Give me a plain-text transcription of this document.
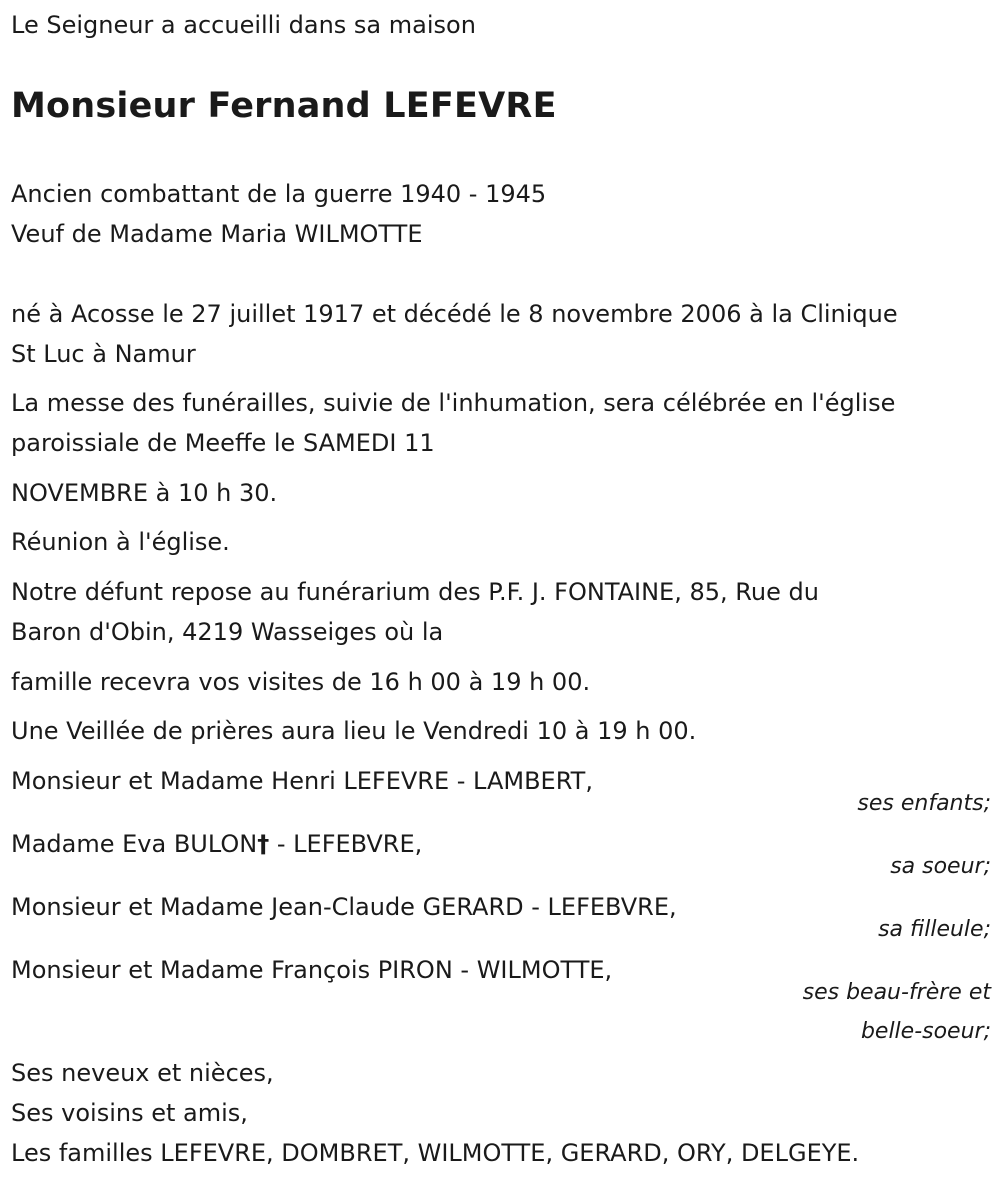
Le Seigneur a accueilli dans sa maison
Monsieur Fernand LEFEVRE
Ancien combattant de la guerre 1940 - 1945
Veuf de Madame Maria WILMOTTE
né à Acosse le 27 juillet 1917 et décédé le 8 novembre 2006 à la Clinique
St Luc à Namur
La messe des funérailles, suivie de l'inhumation, sera célébrée en l'église
paroissiale de Meeffe le SAMEDI 11
NOVEMBRE à 10 h 30.
Réunion à l'église.
Notre défunt repose au funérarium des P.F. J. FONTAINE, 85, Rue du
Baron d'Obin, 4219 Wasseiges où la
famille recevra vos visites de 16 h 00 à 19 h 00.
Une Veillée de prières aura lieu le Vendredi 10 à 19 h 00.
Monsieur et Madame Henri LEFEVRE - LAMBERT,
ses enfants;
Madame Eva BULON† - LEFEBVRE,
sa soeur;
Monsieur et Madame Jean-Claude GERARD - LEFEBVRE,
sa filleule;
Monsieur et Madame François PIRON - WILMOTTE,
ses beau-frère et
belle-soeur;
Ses neveux et nièces,
Ses voisins et amis,
Les familles LEFEVRE, DOMBRET, WILMOTTE, GERARD, ORY, DELGEYE.
